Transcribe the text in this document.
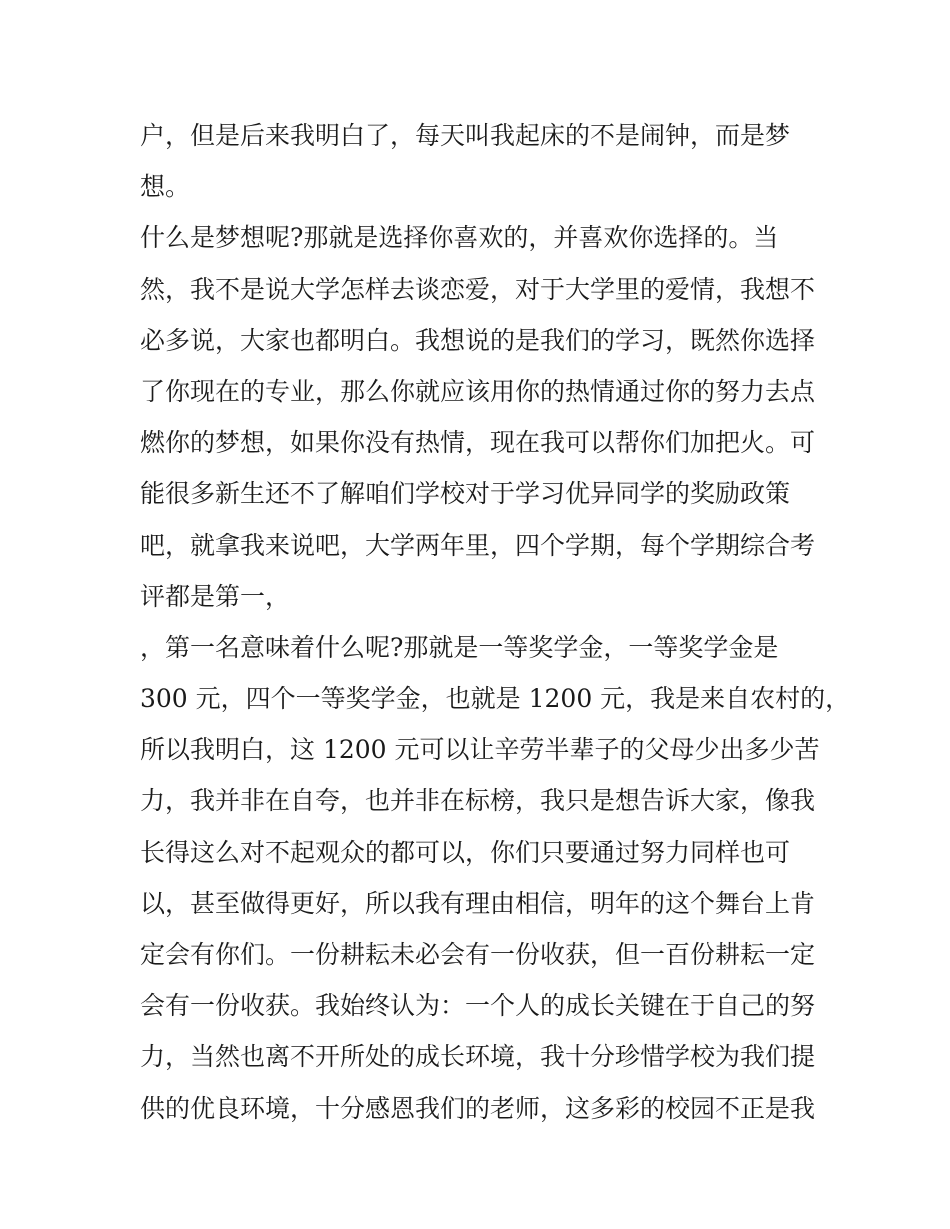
户，但是后来我明白了，每天叫我起床的不是闹钟，而是梦
想。
什么是梦想呢?那就是选择你喜欢的，并喜欢你选择的。当
然，我不是说大学怎样去谈恋爱，对于大学里的爱情，我想不
必多说，大家也都明白。我想说的是我们的学习，既然你选择
了你现在的专业，那么你就应该用你的热情通过你的努力去点
燃你的梦想，如果你没有热情，现在我可以帮你们加把火。可
能很多新生还不了解咱们学校对于学习优异同学的奖励政策
吧，就拿我来说吧，大学两年里，四个学期，每个学期综合考
评都是第一，
，第一名意味着什么呢?那就是一等奖学金，一等奖学金是
300 元，四个一等奖学金，也就是 1200 元，我是来自农村的，
所以我明白，这 1200 元可以让辛劳半辈子的父母少出多少苦
力，我并非在自夸，也并非在标榜，我只是想告诉大家，像我
长得这么对不起观众的都可以，你们只要通过努力同样也可
以，甚至做得更好，所以我有理由相信，明年的这个舞台上肯
定会有你们。一份耕耘未必会有一份收获，但一百份耕耘一定
会有一份收获。我始终认为：一个人的成长关键在于自己的努
力，当然也离不开所处的成长环境，我十分珍惜学校为我们提
供的优良环境，十分感恩我们的老师，这多彩的校园不正是我
